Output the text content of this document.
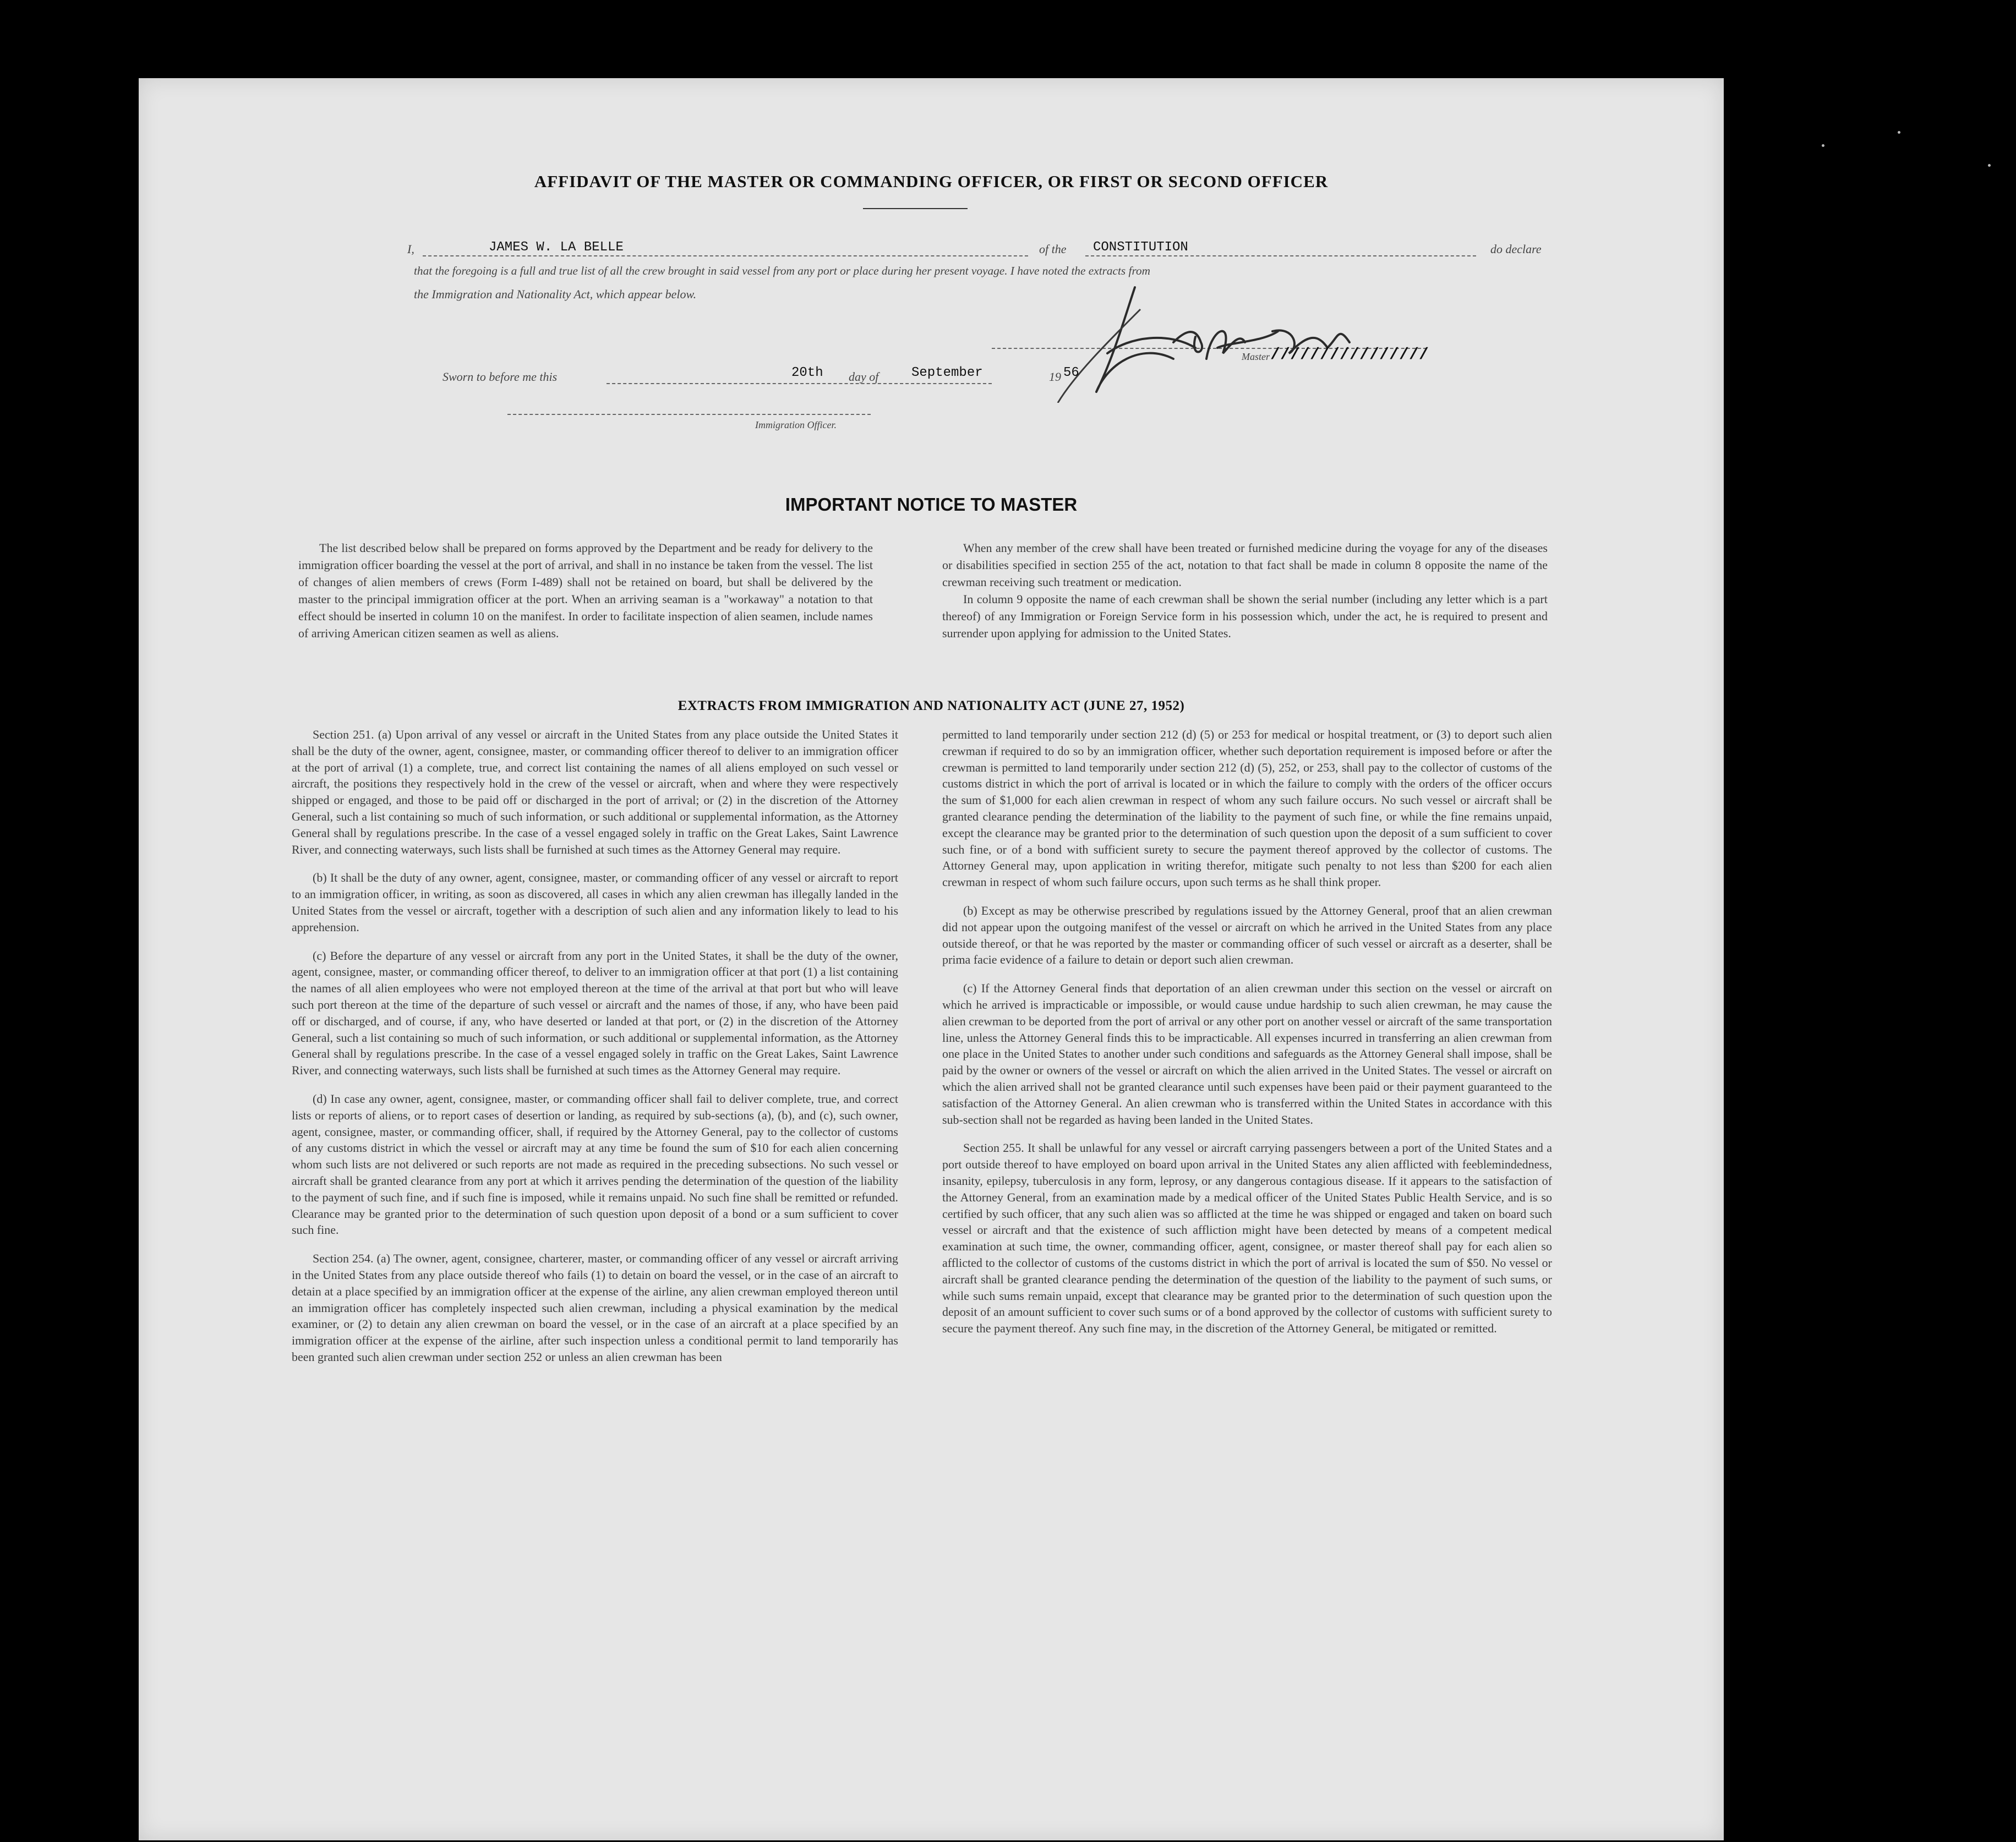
AFFIDAVIT OF THE MASTER OR COMMANDING OFFICER, OR FIRST OR SECOND OFFICER
I,	JAMES W. LA BELLE	of the CONSTITUTION	do declare
that the foregoing is a full and true list of all the crew brought in said vessel from any port or place during her present voyage. I have noted the extracts from
the Immigration and Nationality Act, which appear below.
Master ////////////////
Sworn to before me this	20th day of September	19 56
Immigration Officer.
IMPORTANT NOTICE TO MASTER

The list described below shall be prepared on forms approved by the Department and be ready for delivery to the immigration officer boarding the vessel at the port of arrival, and shall in no instance be taken from the vessel. The list of changes of alien members of crews (Form I-489) shall not be retained on board, but shall be delivered by the master to the principal immigration officer at the port. When an arriving seaman is a "workaway" a notation to that effect should be inserted in column 10 on the manifest. In order to facilitate inspection of alien seamen, include names of arriving American citizen seamen as well as aliens.

When any member of the crew shall have been treated or furnished medicine during the voyage for any of the diseases or disabilities specified in section 255 of the act, notation to that fact shall be made in column 8 opposite the name of the crewman receiving such treatment or medication.

In column 9 opposite the name of each crewman shall be shown the serial number (including any letter which is a part thereof) of any Immigration or Foreign Service form in his possession which, under the act, he is required to present and surrender upon applying for admission to the United States.

EXTRACTS FROM IMMIGRATION AND NATIONALITY ACT (JUNE 27, 1952)

Section 251. (a) Upon arrival of any vessel or aircraft in the United States from any place outside the United States it shall be the duty of the owner, agent, consignee, master, or commanding officer thereof to deliver to an immigration officer at the port of arrival (1) a complete, true, and correct list containing the names of all aliens employed on such vessel or aircraft, the positions they respectively hold in the crew of the vessel or aircraft, when and where they were respectively shipped or engaged, and those to be paid off or discharged in the port of arrival; or (2) in the discretion of the Attorney General, such a list containing so much of such information, or such additional or supplemental information, as the Attorney General shall by regulations prescribe. In the case of a vessel engaged solely in traffic on the Great Lakes, Saint Lawrence River, and connecting waterways, such lists shall be furnished at such times as the Attorney General may require.

(b) It shall be the duty of any owner, agent, consignee, master, or commanding officer of any vessel or aircraft to report to an immigration officer, in writing, as soon as discovered, all cases in which any alien crewman has illegally landed in the United States from the vessel or aircraft, together with a description of such alien and any information likely to lead to his apprehension.

(c) Before the departure of any vessel or aircraft from any port in the United States, it shall be the duty of the owner, agent, consignee, master, or commanding officer thereof, to deliver to an immigration officer at that port (1) a list containing the names of all alien employees who were not employed thereon at the time of the arrival at that port but who will leave such port thereon at the time of the departure of such vessel or aircraft and the names of those, if any, who have been paid off or discharged, and of course, if any, who have deserted or landed at that port, or (2) in the discretion of the Attorney General, such a list containing so much of such information, or such additional or supplemental information, as the Attorney General shall by regulations prescribe. In the case of a vessel engaged solely in traffic on the Great Lakes, Saint Lawrence River, and connecting waterways, such lists shall be furnished at such times as the Attorney General may require.

(d) In case any owner, agent, consignee, master, or commanding officer shall fail to deliver complete, true, and correct lists or reports of aliens, or to report cases of desertion or landing, as required by sub-sections (a), (b), and (c), such owner, agent, consignee, master, or commanding officer, shall, if required by the Attorney General, pay to the collector of customs of any customs district in which the vessel or aircraft may at any time be found the sum of $10 for each alien concerning whom such lists are not delivered or such reports are not made as required in the preceding subsections. No such vessel or aircraft shall be granted clearance from any port at which it arrives pending the determination of the question of the liability to the payment of such fine, and if such fine is imposed, while it remains unpaid. No such fine shall be remitted or refunded. Clearance may be granted prior to the determination of such question upon deposit of a bond or a sum sufficient to cover such fine.

Section 254. (a) The owner, agent, consignee, charterer, master, or commanding officer of any vessel or aircraft arriving in the United States from any place outside thereof who fails (1) to detain on board the vessel, or in the case of an aircraft to detain at a place specified by an immigration officer at the expense of the airline, any alien crewman employed thereon until an immigration officer has completely inspected such alien crewman, including a physical examination by the medical examiner, or (2) to detain any alien crewman on board the vessel, or in the case of an aircraft at a place specified by an immigration officer at the expense of the airline, after such inspection unless a conditional permit to land temporarily has been granted such alien crewman under section 252 or unless an alien crewman has been

permitted to land temporarily under section 212 (d) (5) or 253 for medical or hospital treatment, or (3) to deport such alien crewman if required to do so by an immigration officer, whether such deportation requirement is imposed before or after the crewman is permitted to land temporarily under section 212 (d) (5), 252, or 253, shall pay to the collector of customs of the customs district in which the port of arrival is located or in which the failure to comply with the orders of the officer occurs the sum of $1,000 for each alien crewman in respect of whom any such failure occurs. No such vessel or aircraft shall be granted clearance pending the determination of the liability to the payment of such fine, or while the fine remains unpaid, except the clearance may be granted prior to the determination of such question upon the deposit of a sum sufficient to cover such fine, or of a bond with sufficient surety to secure the payment thereof approved by the collector of customs. The Attorney General may, upon application in writing therefor, mitigate such penalty to not less than $200 for each alien crewman in respect of whom such failure occurs, upon such terms as he shall think proper.

(b) Except as may be otherwise prescribed by regulations issued by the Attorney General, proof that an alien crewman did not appear upon the outgoing manifest of the vessel or aircraft on which he arrived in the United States from any place outside thereof, or that he was reported by the master or commanding officer of such vessel or aircraft as a deserter, shall be prima facie evidence of a failure to detain or deport such alien crewman.

(c) If the Attorney General finds that deportation of an alien crewman under this section on the vessel or aircraft on which he arrived is impracticable or impossible, or would cause undue hardship to such alien crewman, he may cause the alien crewman to be deported from the port of arrival or any other port on another vessel or aircraft of the same transportation line, unless the Attorney General finds this to be impracticable. All expenses incurred in transferring an alien crewman from one place in the United States to another under such conditions and safeguards as the Attorney General shall impose, shall be paid by the owner or owners of the vessel or aircraft on which the alien arrived in the United States. The vessel or aircraft on which the alien arrived shall not be granted clearance until such expenses have been paid or their payment guaranteed to the satisfaction of the Attorney General. An alien crewman who is transferred within the United States in accordance with this sub-section shall not be regarded as having been landed in the United States.

Section 255. It shall be unlawful for any vessel or aircraft carrying passengers between a port of the United States and a port outside thereof to have employed on board upon arrival in the United States any alien afflicted with feeblemindedness, insanity, epilepsy, tuberculosis in any form, leprosy, or any dangerous contagious disease. If it appears to the satisfaction of the Attorney General, from an examination made by a medical officer of the United States Public Health Service, and is so certified by such officer, that any such alien was so afflicted at the time he was shipped or engaged and taken on board such vessel or aircraft and that the existence of such affliction might have been detected by means of a competent medical examination at such time, the owner, commanding officer, agent, consignee, or master thereof shall pay for each alien so afflicted to the collector of customs of the customs district in which the port of arrival is located the sum of $50. No vessel or aircraft shall be granted clearance pending the determination of the question of the liability to the payment of such sums, or while such sums remain unpaid, except that clearance may be granted prior to the determination of such question upon the deposit of an amount sufficient to cover such sums or of a bond approved by the collector of customs with sufficient surety to secure the payment thereof. Any such fine may, in the discretion of the Attorney General, be mitigated or remitted.
